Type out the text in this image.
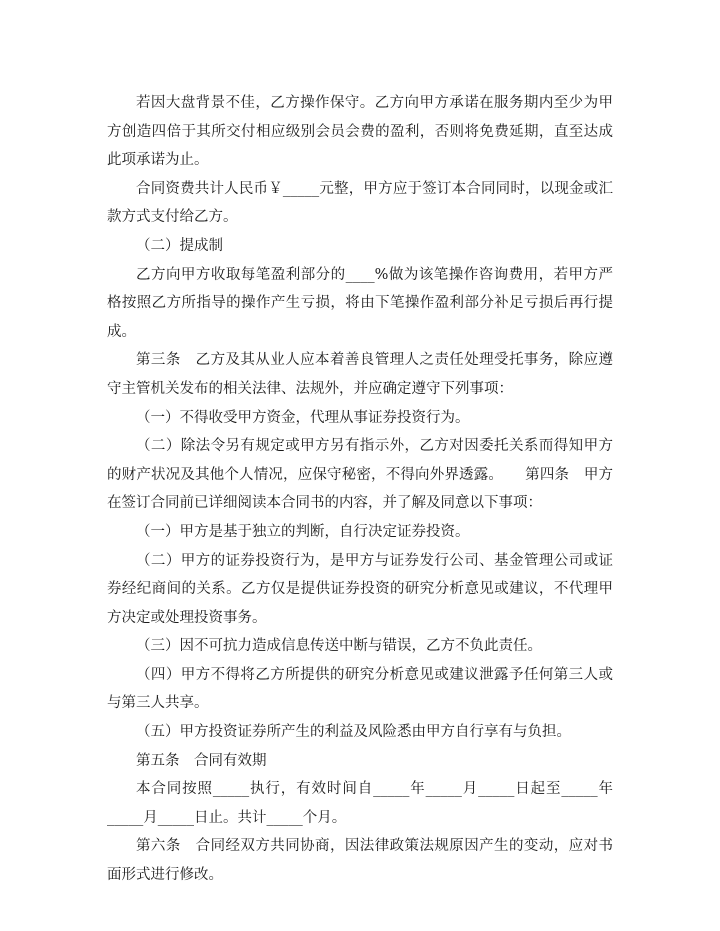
若因大盘背景不佳，乙方操作保守。乙方向甲方承诺在服务期内至少为甲方创造四倍于其所交付相应级别会员会费的盈利，否则将免费延期，直至达成此项承诺为止。

合同资费共计人民币￥_____元整，甲方应于签订本合同同时，以现金或汇款方式支付给乙方。

（二）提成制

乙方向甲方收取每笔盈利部分的____%做为该笔操作咨询费用，若甲方严格按照乙方所指导的操作产生亏损，将由下笔操作盈利部分补足亏损后再行提成。

第三条　乙方及其从业人应本着善良管理人之责任处理受托事务，除应遵守主管机关发布的相关法律、法规外，并应确定遵守下列事项：

（一）不得收受甲方资金，代理从事证券投资行为。

（二）除法令另有规定或甲方另有指示外，乙方对因委托关系而得知甲方的财产状况及其他个人情况，应保守秘密，不得向外界透露。　　第四条　甲方在签订合同前已详细阅读本合同书的内容，并了解及同意以下事项：

（一）甲方是基于独立的判断，自行决定证券投资。

（二）甲方的证券投资行为，是甲方与证券发行公司、基金管理公司或证券经纪商间的关系。乙方仅是提供证券投资的研究分析意见或建议，不代理甲方决定或处理投资事务。

（三）因不可抗力造成信息传送中断与错误，乙方不负此责任。

（四）甲方不得将乙方所提供的研究分析意见或建议泄露予任何第三人或与第三人共享。

（五）甲方投资证券所产生的利益及风险悉由甲方自行享有与负担。

第五条　合同有效期

本合同按照_____执行，有效时间自_____年_____月_____日起至_____年_____月_____日止。共计_____个月。

第六条　合同经双方共同协商，因法律政策法规原因产生的变动，应对书面形式进行修改。
